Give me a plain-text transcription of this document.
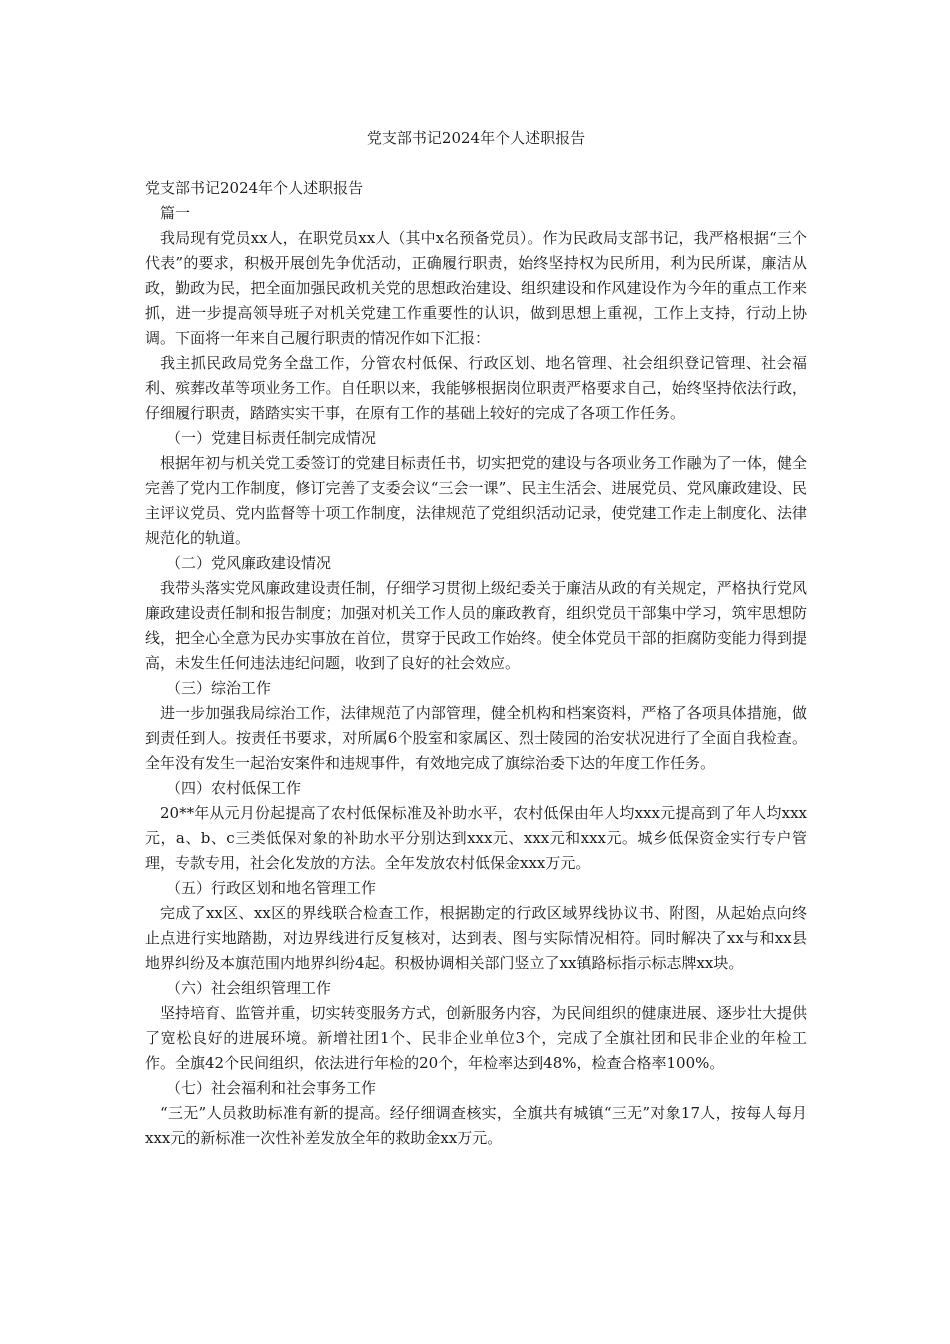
党支部书记2024年个人述职报告

党支部书记2024年个人述职报告

篇一

我局现有党员xx人，在职党员xx人（其中x名预备党员）。作为民政局支部书记，我严格根据“三个代表”的要求，积极开展创先争优活动，正确履行职责，始终坚持权为民所用，利为民所谋，廉洁从政，勤政为民，把全面加强民政机关党的思想政治建设、组织建设和作风建设作为今年的重点工作来抓，进一步提高领导班子对机关党建工作重要性的认识，做到思想上重视，工作上支持，行动上协调。下面将一年来自己履行职责的情况作如下汇报：

我主抓民政局党务全盘工作，分管农村低保、行政区划、地名管理、社会组织登记管理、社会福利、殡葬改革等项业务工作。自任职以来，我能够根据岗位职责严格要求自己，始终坚持依法行政，仔细履行职责，踏踏实实干事，在原有工作的基础上较好的完成了各项工作任务。

（一）党建目标责任制完成情况

根据年初与机关党工委签订的党建目标责任书，切实把党的建设与各项业务工作融为了一体，健全完善了党内工作制度，修订完善了支委会议“三会一课”、民主生活会、进展党员、党风廉政建设、民主评议党员、党内监督等十项工作制度，法律规范了党组织活动记录，使党建工作走上制度化、法律规范化的轨道。

（二）党风廉政建设情况

我带头落实党风廉政建设责任制，仔细学习贯彻上级纪委关于廉洁从政的有关规定，严格执行党风廉政建设责任制和报告制度；加强对机关工作人员的廉政教育，组织党员干部集中学习，筑牢思想防线，把全心全意为民办实事放在首位，贯穿于民政工作始终。使全体党员干部的拒腐防变能力得到提高，未发生任何违法违纪问题，收到了良好的社会效应。

（三）综治工作

进一步加强我局综治工作，法律规范了内部管理，健全机构和档案资料，严格了各项具体措施，做到责任到人。按责任书要求，对所属6个股室和家属区、烈士陵园的治安状况进行了全面自我检查。全年没有发生一起治安案件和违规事件，有效地完成了旗综治委下达的年度工作任务。

（四）农村低保工作

20**年从元月份起提高了农村低保标准及补助水平，农村低保由年人均xxx元提高到了年人均xxx元，a、b、c三类低保对象的补助水平分别达到xxx元、xxx元和xxx元。城乡低保资金实行专户管理，专款专用，社会化发放的方法。全年发放农村低保金xxx万元。

（五）行政区划和地名管理工作

完成了xx区、xx区的界线联合检查工作，根据勘定的行政区域界线协议书、附图，从起始点向终止点进行实地踏勘，对边界线进行反复核对，达到表、图与实际情况相符。同时解决了xx与和xx县地界纠纷及本旗范围内地界纠纷4起。积极协调相关部门竖立了xx镇路标指示标志牌xx块。

（六）社会组织管理工作

坚持培育、监管并重，切实转变服务方式，创新服务内容，为民间组织的健康进展、逐步壮大提供了宽松良好的进展环境。新增社团1个、民非企业单位3个，完成了全旗社团和民非企业的年检工作。全旗42个民间组织，依法进行年检的20个，年检率达到48%，检查合格率100%。

（七）社会福利和社会事务工作

“三无”人员救助标准有新的提高。经仔细调查核实，全旗共有城镇“三无”对象17人，按每人每月xxx元的新标准一次性补差发放全年的救助金xx万元。
